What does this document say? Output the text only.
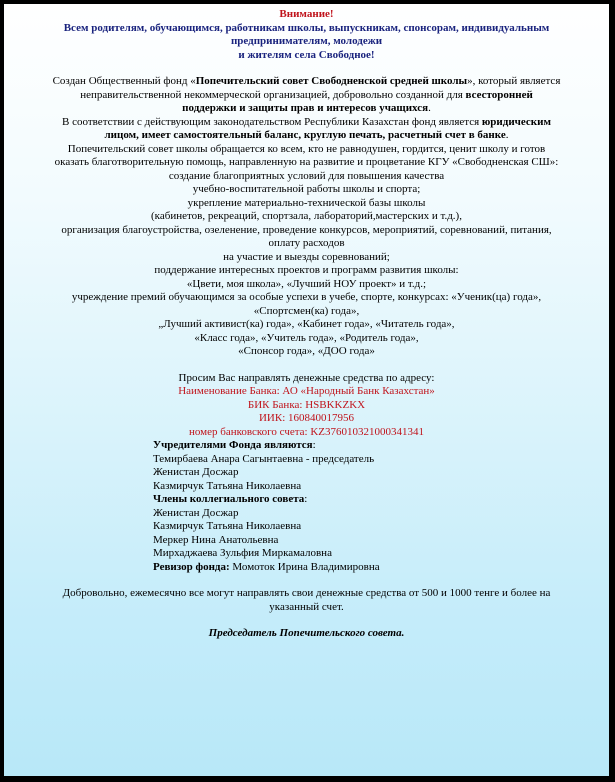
Внимание!
Всем родителям, обучающимся, работникам школы, выпускникам, спонсорам, индивидуальным
предпринимателям, молодежи
и жителям села Свободное!
Создан Общественный фонд «Попечительский совет Свободненской средней школы», который является
неправительственной некоммерческой организацией, добровольно созданной для всесторонней
поддержки и защиты прав и интересов учащихся.
В соответствии с действующим законодательством Республики Казахстан фонд является юридическим
лицом, имеет самостоятельный баланс, круглую печать, расчетный счет в банке.
Попечительский совет школы обращается ко всем, кто не равнодушен, гордится, ценит школу и готов
оказать благотворительную помощь, направленную на развитие и процветание КГУ «Свободненская СШ»:
создание благоприятных условий для повышения качества
учебно-воспитательной работы школы и спорта;
укрепление материально-технической базы школы
(кабинетов, рекреаций, спортзала, лабораторий,мастерских и т.д.),
организация благоустройства, озеленение, проведение конкурсов, мероприятий, соревнований, питания,
оплату расходов
на участие и выезды соревнований;
поддержание интересных проектов и программ развития школы:
«Цвети, моя школа», «Лучший НОУ проект» и т.д.;
учреждение премий обучающимся за особые успехи в учебе, спорте, конкурсах: «Ученик(ца) года»,
«Спортсмен(ка) года»,
„Лучший активист(ка) года», «Кабинет года», «Читатель года»,
«Класс года», «Учитель года», «Родитель года»,
«Спонсор года», «ДОО года»
Просим Вас направлять денежные средства по адресу:
Наименование Банка: АО «Народный Банк Казахстан»
БИК Банка: HSBKKZKX
ИИК: 160840017956
номер банковского счета: KZ376010321000341341
Учредителями Фонда являются:
Темирбаева Анара Сагынтаевна - председатель
Женистан Досжар
Казмирчук Татьяна Николаевна
Члены коллегиального совета:
Женистан Досжар
Казмирчук Татьяна Николаевна
Меркер Нина Анатольевна
Мирхаджаева Зульфия Миркамаловна
Ревизор фонда: Момоток Ирина Владимировна
Добровольно, ежемесячно все могут направлять свои денежные средства от 500 и 1000 тенге и более на
указанный счет.
Председатель Попечительского совета.
